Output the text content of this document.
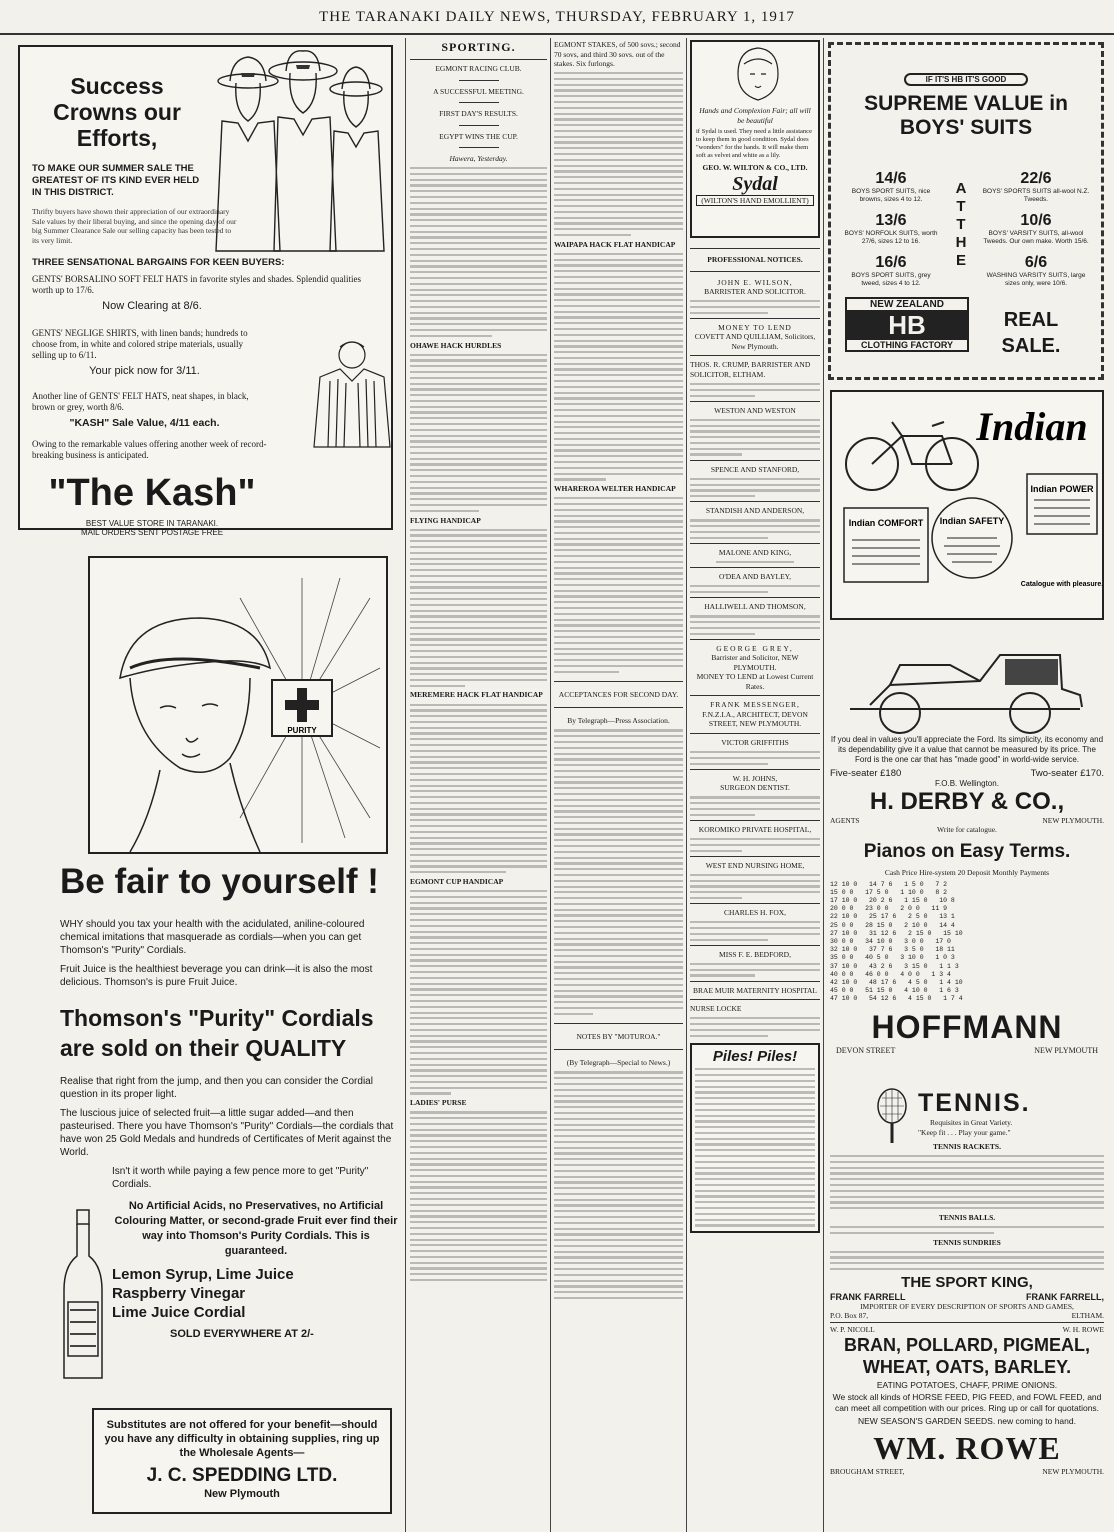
THE TARANAKI DAILY NEWS, THURSDAY, FEBRUARY 1, 1917
Success Crowns our Efforts,
TO MAKE OUR SUMMER SALE THE GREATEST OF ITS KIND EVER HELD IN THIS DISTRICT.
Thrifty buyers have shown their appreciation of our extraordinary Sale values by their liberal buying, and since the opening day of our big Summer Clearance Sale our selling capacity has been tested to its very limit.
THREE SENSATIONAL BARGAINS FOR KEEN BUYERS:
GENTS' BORSALINO SOFT FELT HATS in favorite styles and shades. Splendid qualities worth up to 17/6.
Now Clearing at 8/6.
GENTS' NEGLIGE SHIRTS, with linen bands; hundreds to choose from, in white and colored stripe materials, usually selling up to 6/11.
Your pick now for 3/11.
Another line of GENTS' FELT HATS, neat shapes, in black, brown or grey, worth 8/6.
"KASH" Sale Value, 4/11 each.
Owing to the remarkable values offering another week of record-breaking business is anticipated.
"The Kash"
BEST VALUE STORE IN TARANAKI.
MAIL ORDERS SENT POSTAGE FREE
PURITY
Be fair to yourself !
WHY should you tax your health with the acidulated, aniline-coloured chemical imitations that masquerade as cordials—when you can get Thomson's "Purity" Cordials.
Fruit Juice is the healthiest beverage you can drink—it is also the most delicious. Thomson's is pure Fruit Juice.
Thomson's "Purity" Cordials are sold on their QUALITY
Realise that right from the jump, and then you can consider the Cordial question in its proper light.
The luscious juice of selected fruit—a little sugar added—and then pasteurised. There you have Thomson's "Purity" Cordials—the cordials that have won 25 Gold Medals and hundreds of Certificates of Merit against the World.
Isn't it worth while paying a few pence more to get "Purity" Cordials.
No Artificial Acids, no Preservatives, no Artificial Colouring Matter, or second-grade Fruit ever find their way into Thomson's Purity Cordials. This is guaranteed.
Lemon Syrup, Lime Juice
Raspberry Vinegar
Lime Juice Cordial
SOLD EVERYWHERE AT 2/-
Substitutes are not offered for your benefit—should you have any difficulty in obtaining supplies, ring up the Wholesale Agents—
J. C. SPEDDING LTD.
New Plymouth
SPORTING.
EGMONT RACING CLUB.
A SUCCESSFUL MEETING.
FIRST DAY'S RESULTS.
EGYPT WINS THE CUP.
Hawera, Yesterday.
OHAWE HACK HURDLES
FLYING HANDICAP
MEREMERE HACK FLAT HANDICAP
EGMONT CUP HANDICAP
LADIES' PURSE
EGMONT STAKES, of 500 sovs.; second 70 sovs, and third 30 sovs. out of the stakes. Six furlongs.
WAIPAPA HACK FLAT HANDICAP
WHAREROA WELTER HANDICAP
ACCEPTANCES FOR SECOND DAY.
By Telegraph—Press Association.
NOTES BY "MOTUROA."
(By Telegraph—Special to News.)
Hands and Complexion Fair; all will be beautiful
if Sydal is used. They need a little assistance to keep them in good condition. Sydal does "wonders" for the hands. It will make them soft as velvet and white as a lily.
GEO. W. WILTON & CO., LTD.
Sydal
(WILTON'S HAND EMOLLIENT)
PROFESSIONAL NOTICES.
JOHN E. WILSON,
BARRISTER AND SOLICITOR.
MONEY TO LEND
COVETT AND QUILLIAM, Solicitors, New Plymouth.
THOS. R. CRUMP, BARRISTER AND SOLICITOR, ELTHAM.
WESTON AND WESTON
SPENCE AND STANFORD,
STANDISH AND ANDERSON,
MALONE AND KING,
O'DEA AND BAYLEY,
HALLIWELL AND THOMSON,
GEORGE GREY,
Barrister and Solicitor, NEW PLYMOUTH.
MONEY TO LEND at Lowest Current Rates.
FRANK MESSENGER,
F.N.Z.I.A., ARCHITECT, DEVON STREET, NEW PLYMOUTH.
VICTOR GRIFFITHS
W. H. JOHNS,
SURGEON DENTIST.
KOROMIKO PRIVATE HOSPITAL,
WEST END NURSING HOME,
CHARLES H. FOX,
MISS F. E. BEDFORD,
BRAE MUIR MATERNITY HOSPITAL
NURSE LOCKE
Piles! Piles!
IF IT'S HB IT'S GOOD
SUPREME VALUE in
BOYS' SUITS
14/6
BOYS SPORT SUITS, nice browns, sizes 4 to 12.
13/6
BOYS' NORFOLK SUITS, worth 27/6, sizes 12 to 16.
16/6
BOYS SPORT SUITS, grey tweed, sizes 4 to 12.
A T T H E
22/6
BOYS' SPORTS SUITS all-wool N.Z. Tweeds.
10/6
BOYS' VARSITY SUITS, all-wool Tweeds. Our own make. Worth 15/6.
6/6
WASHING VARSITY SUITS, large sizes only, were 10/6.
NEW ZEALAND
HB
CLOTHING FACTORY
REAL SALE.
Indian
Indian POWER
Indian COMFORT Indian SAFETY
Catalogue with pleasure.
If you deal in values you'll appreciate the Ford. Its simplicity, its economy and its dependability give it a value that cannot be measured by its price. The Ford is the one car that has "made good" in world-wide service.
Five-seater £180	Two-seater £170.
F.O.B. Wellington.
H. DERBY & CO.,
AGENTS	NEW PLYMOUTH.
Write for catalogue.
Pianos on Easy Terms.
Cash Price Hire-system 20 Deposit Monthly Payments
12 10 0   14 7 6   1 5 0   7 2
15 0 0   17 5 0   1 10 0   8 2
17 10 0   20 2 6   1 15 0   10 8
20 0 0   23 0 0   2 0 0   11 9
22 10 0   25 17 6   2 5 0   13 1
25 0 0   28 15 0   2 10 0   14 4
27 10 0   31 12 6   2 15 0   15 10
30 0 0   34 10 0   3 0 0   17 0
32 10 0   37 7 6   3 5 0   18 11
35 0 0   40 5 0   3 10 0   1 0 3
37 10 0   43 2 6   3 15 0   1 1 3
40 0 0   46 0 0   4 0 0   1 3 4
42 10 0   48 17 6   4 5 0   1 4 10
45 0 0   51 15 0   4 10 0   1 6 3
47 10 0   54 12 6   4 15 0   1 7 4
HOFFMANN
DEVON STREET	NEW PLYMOUTH
TENNIS.
Requisites in Great Variety.
"Keep fit . . . Play your game."
TENNIS RACKETS.
TENNIS BALLS.
TENNIS SUNDRIES
THE SPORT KING,
FRANK FARRELL	FRANK FARRELL,
IMPORTER OF EVERY DESCRIPTION OF SPORTS AND GAMES,
P.O. Box 87,	ELTHAM.
W. P. NICOLL	W. H. ROWE
BRAN, POLLARD, PIGMEAL,
WHEAT, OATS, BARLEY.
EATING POTATOES, CHAFF, PRIME ONIONS.
We stock all kinds of HORSE FEED, PIG FEED, and FOWL FEED, and can meet all competition with our prices. Ring up or call for quotations.
NEW SEASON'S GARDEN SEEDS. new coming to hand.
WM. ROWE
BROUGHAM STREET,	NEW PLYMOUTH.
